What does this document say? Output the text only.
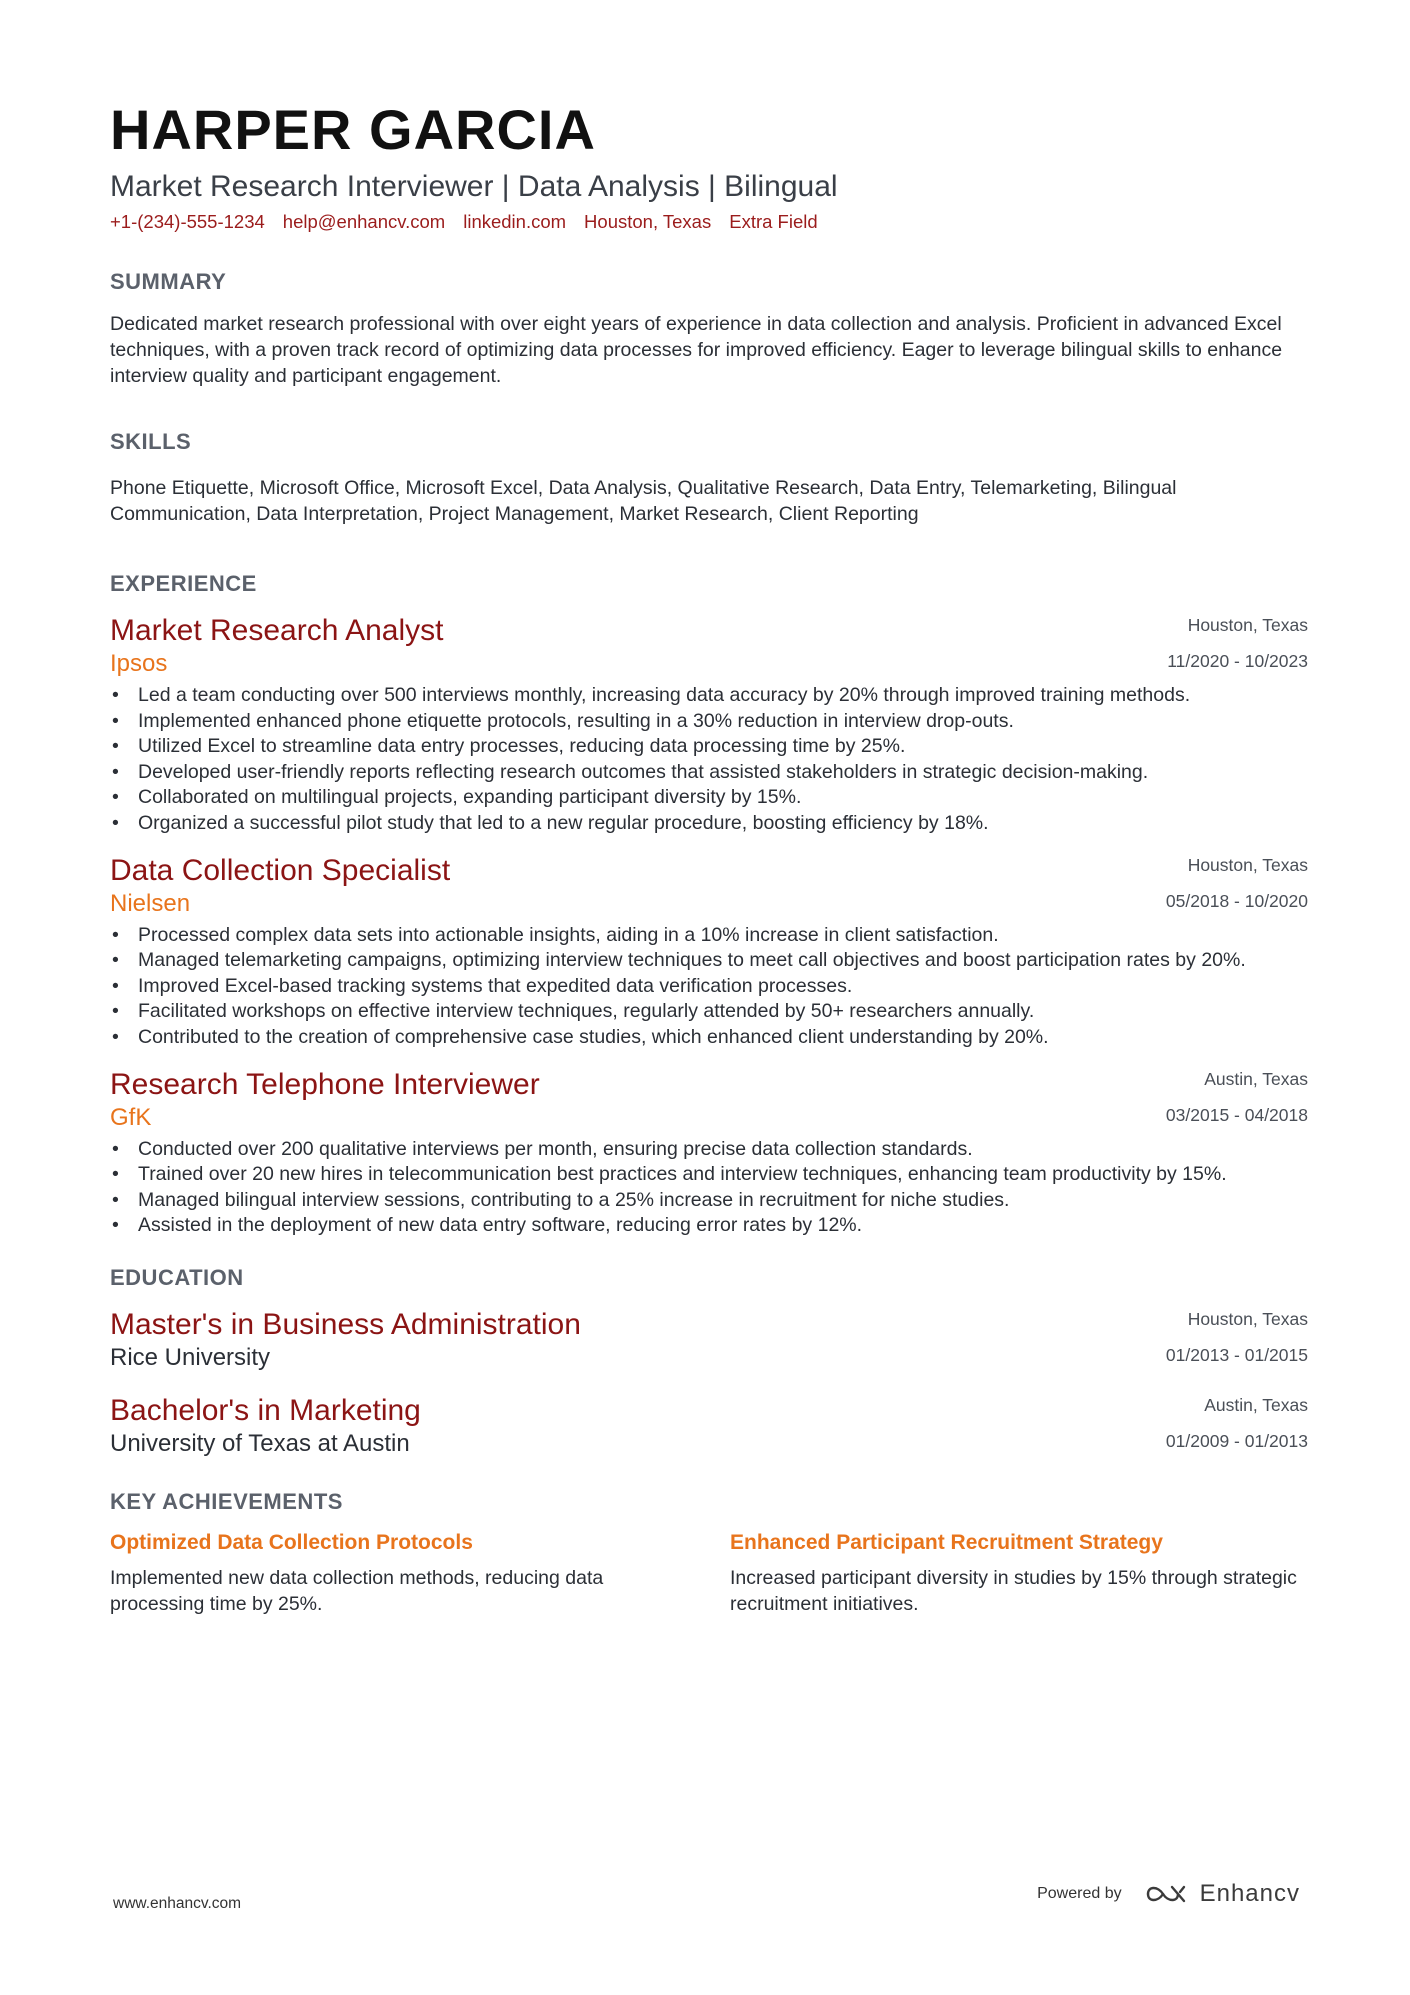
HARPER GARCIA
Market Research Interviewer | Data Analysis | Bilingual
+1-(234)-555-1234 help@enhancv.com linkedin.com Houston, Texas Extra Field
SUMMARY
Dedicated market research professional with over eight years of experience in data collection and analysis. Proficient in advanced Excel techniques, with a proven track record of optimizing data processes for improved efficiency. Eager to leverage bilingual skills to enhance interview quality and participant engagement.
SKILLS
Phone Etiquette, Microsoft Office, Microsoft Excel, Data Analysis, Qualitative Research, Data Entry, Telemarketing, Bilingual Communication, Data Interpretation, Project Management, Market Research, Client Reporting
EXPERIENCE
Market Research Analyst
Ipsos
Houston, Texas
11/2020 - 10/2023
• Led a team conducting over 500 interviews monthly, increasing data accuracy by 20% through improved training methods.
• Implemented enhanced phone etiquette protocols, resulting in a 30% reduction in interview drop-outs.
• Utilized Excel to streamline data entry processes, reducing data processing time by 25%.
• Developed user-friendly reports reflecting research outcomes that assisted stakeholders in strategic decision-making.
• Collaborated on multilingual projects, expanding participant diversity by 15%.
• Organized a successful pilot study that led to a new regular procedure, boosting efficiency by 18%.
Data Collection Specialist
Nielsen
Houston, Texas
05/2018 - 10/2020
• Processed complex data sets into actionable insights, aiding in a 10% increase in client satisfaction.
• Managed telemarketing campaigns, optimizing interview techniques to meet call objectives and boost participation rates by 20%.
• Improved Excel-based tracking systems that expedited data verification processes.
• Facilitated workshops on effective interview techniques, regularly attended by 50+ researchers annually.
• Contributed to the creation of comprehensive case studies, which enhanced client understanding by 20%.
Research Telephone Interviewer
GfK
Austin, Texas
03/2015 - 04/2018
• Conducted over 200 qualitative interviews per month, ensuring precise data collection standards.
• Trained over 20 new hires in telecommunication best practices and interview techniques, enhancing team productivity by 15%.
• Managed bilingual interview sessions, contributing to a 25% increase in recruitment for niche studies.
• Assisted in the deployment of new data entry software, reducing error rates by 12%.
EDUCATION
Master's in Business Administration
Rice University
Houston, Texas
01/2013 - 01/2015
Bachelor's in Marketing
University of Texas at Austin
Austin, Texas
01/2009 - 01/2013
KEY ACHIEVEMENTS
Optimized Data Collection Protocols
Implemented new data collection methods, reducing data processing time by 25%.
Enhanced Participant Recruitment Strategy
Increased participant diversity in studies by 15% through strategic recruitment initiatives.
www.enhancv.com
Powered by	Enhancv
